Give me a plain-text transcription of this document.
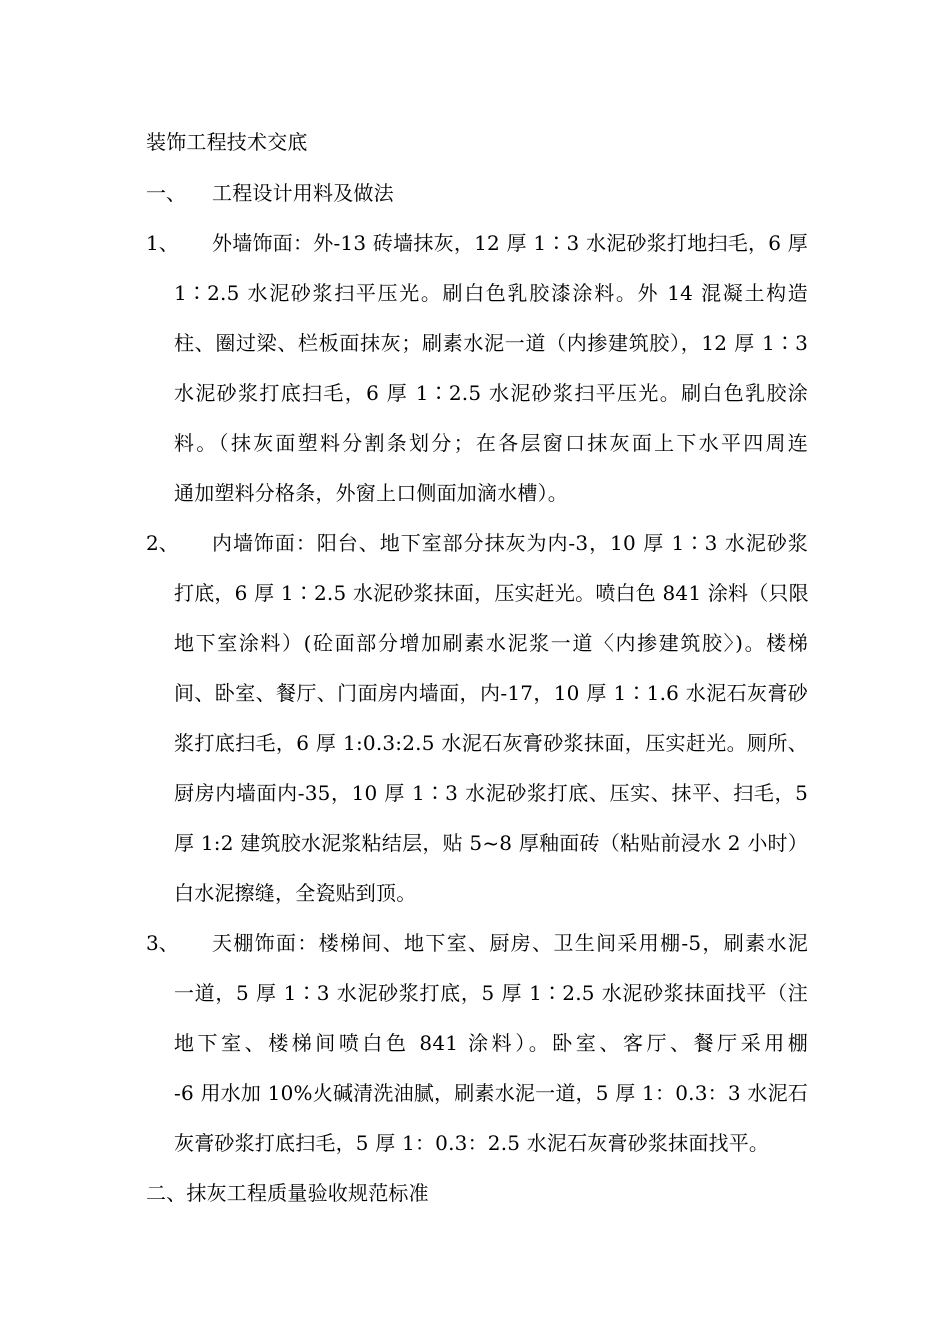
装饰工程技术交底
一、 工程设计用料及做法
1、 外墙饰面：外-13 砖墙抹灰，12 厚 1∶3 水泥砂浆打地扫毛，6 厚
1∶2.5 水泥砂浆扫平压光。刷白色乳胶漆涂料。外 14 混凝土构造
柱、圈过梁、栏板面抹灰；刷素水泥一道（内掺建筑胶），12 厚 1∶3
水泥砂浆打底扫毛，6 厚 1∶2.5 水泥砂浆扫平压光。刷白色乳胶涂
料。（抹灰面塑料分割条划分；在各层窗口抹灰面上下水平四周连
通加塑料分格条，外窗上口侧面加滴水槽）。
2、 内墙饰面：阳台、地下室部分抹灰为内-3，10 厚 1∶3 水泥砂浆
打底，6 厚 1∶2.5 水泥砂浆抹面，压实赶光。喷白色 841 涂料（只限
地下室涂料）(砼面部分增加刷素水泥浆一道〈内掺建筑胶〉)。楼梯
间、卧室、餐厅、门面房内墙面，内-17，10 厚 1∶1.6 水泥石灰膏砂
浆打底扫毛，6 厚 1:0.3:2.5 水泥石灰膏砂浆抹面，压实赶光。厕所、
厨房内墙面内-35，10 厚 1∶3 水泥砂浆打底、压实、抹平、扫毛，5
厚 1:2 建筑胶水泥浆粘结层，贴 5~8 厚釉面砖（粘贴前浸水 2 小时）
白水泥擦缝，全瓷贴到顶。
3、 天棚饰面：楼梯间、地下室、厨房、卫生间采用棚-5，刷素水泥
一道，5 厚 1∶3 水泥砂浆打底，5 厚 1∶2.5 水泥砂浆抹面找平（注
地下室、楼梯间喷白色 841 涂料）。卧室、客厅、餐厅采用棚
-6 用水加 10%火碱清洗油腻，刷素水泥一道，5 厚 1：0.3：3 水泥石
灰膏砂浆打底扫毛，5 厚 1：0.3：2.5 水泥石灰膏砂浆抹面找平。
二、抹灰工程质量验收规范标准
